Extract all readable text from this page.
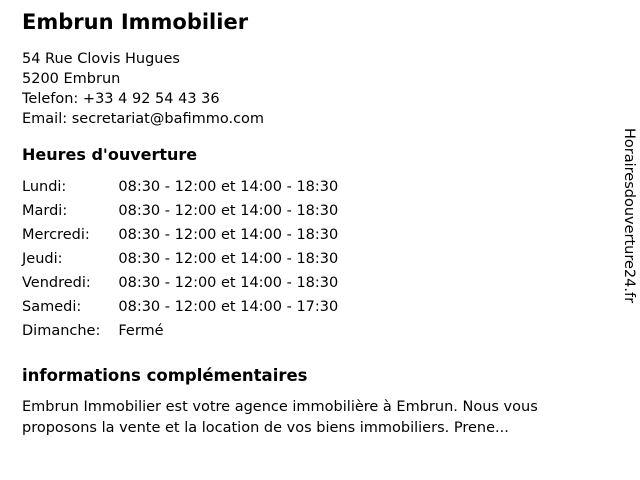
Embrun Immobilier
54 Rue Clovis Hugues
5200 Embrun
Telefon: +33 4 92 54 43 36
Email: secretariat@bafimmo.com
Heures d'ouverture
Lundi:	08:30 - 12:00 et 14:00 - 18:30
Mardi:	08:30 - 12:00 et 14:00 - 18:30
Mercredi:	08:30 - 12:00 et 14:00 - 18:30
Jeudi:	08:30 - 12:00 et 14:00 - 18:30
Vendredi:	08:30 - 12:00 et 14:00 - 18:30
Samedi:	08:30 - 12:00 et 14:00 - 17:30
Dimanche:	Fermé
informations complémentaires
Embrun Immobilier est votre agence immobilière à Embrun. Nous vous proposons la vente et la location de vos biens immobiliers. Prene...
Horairesdouverture24.fr
